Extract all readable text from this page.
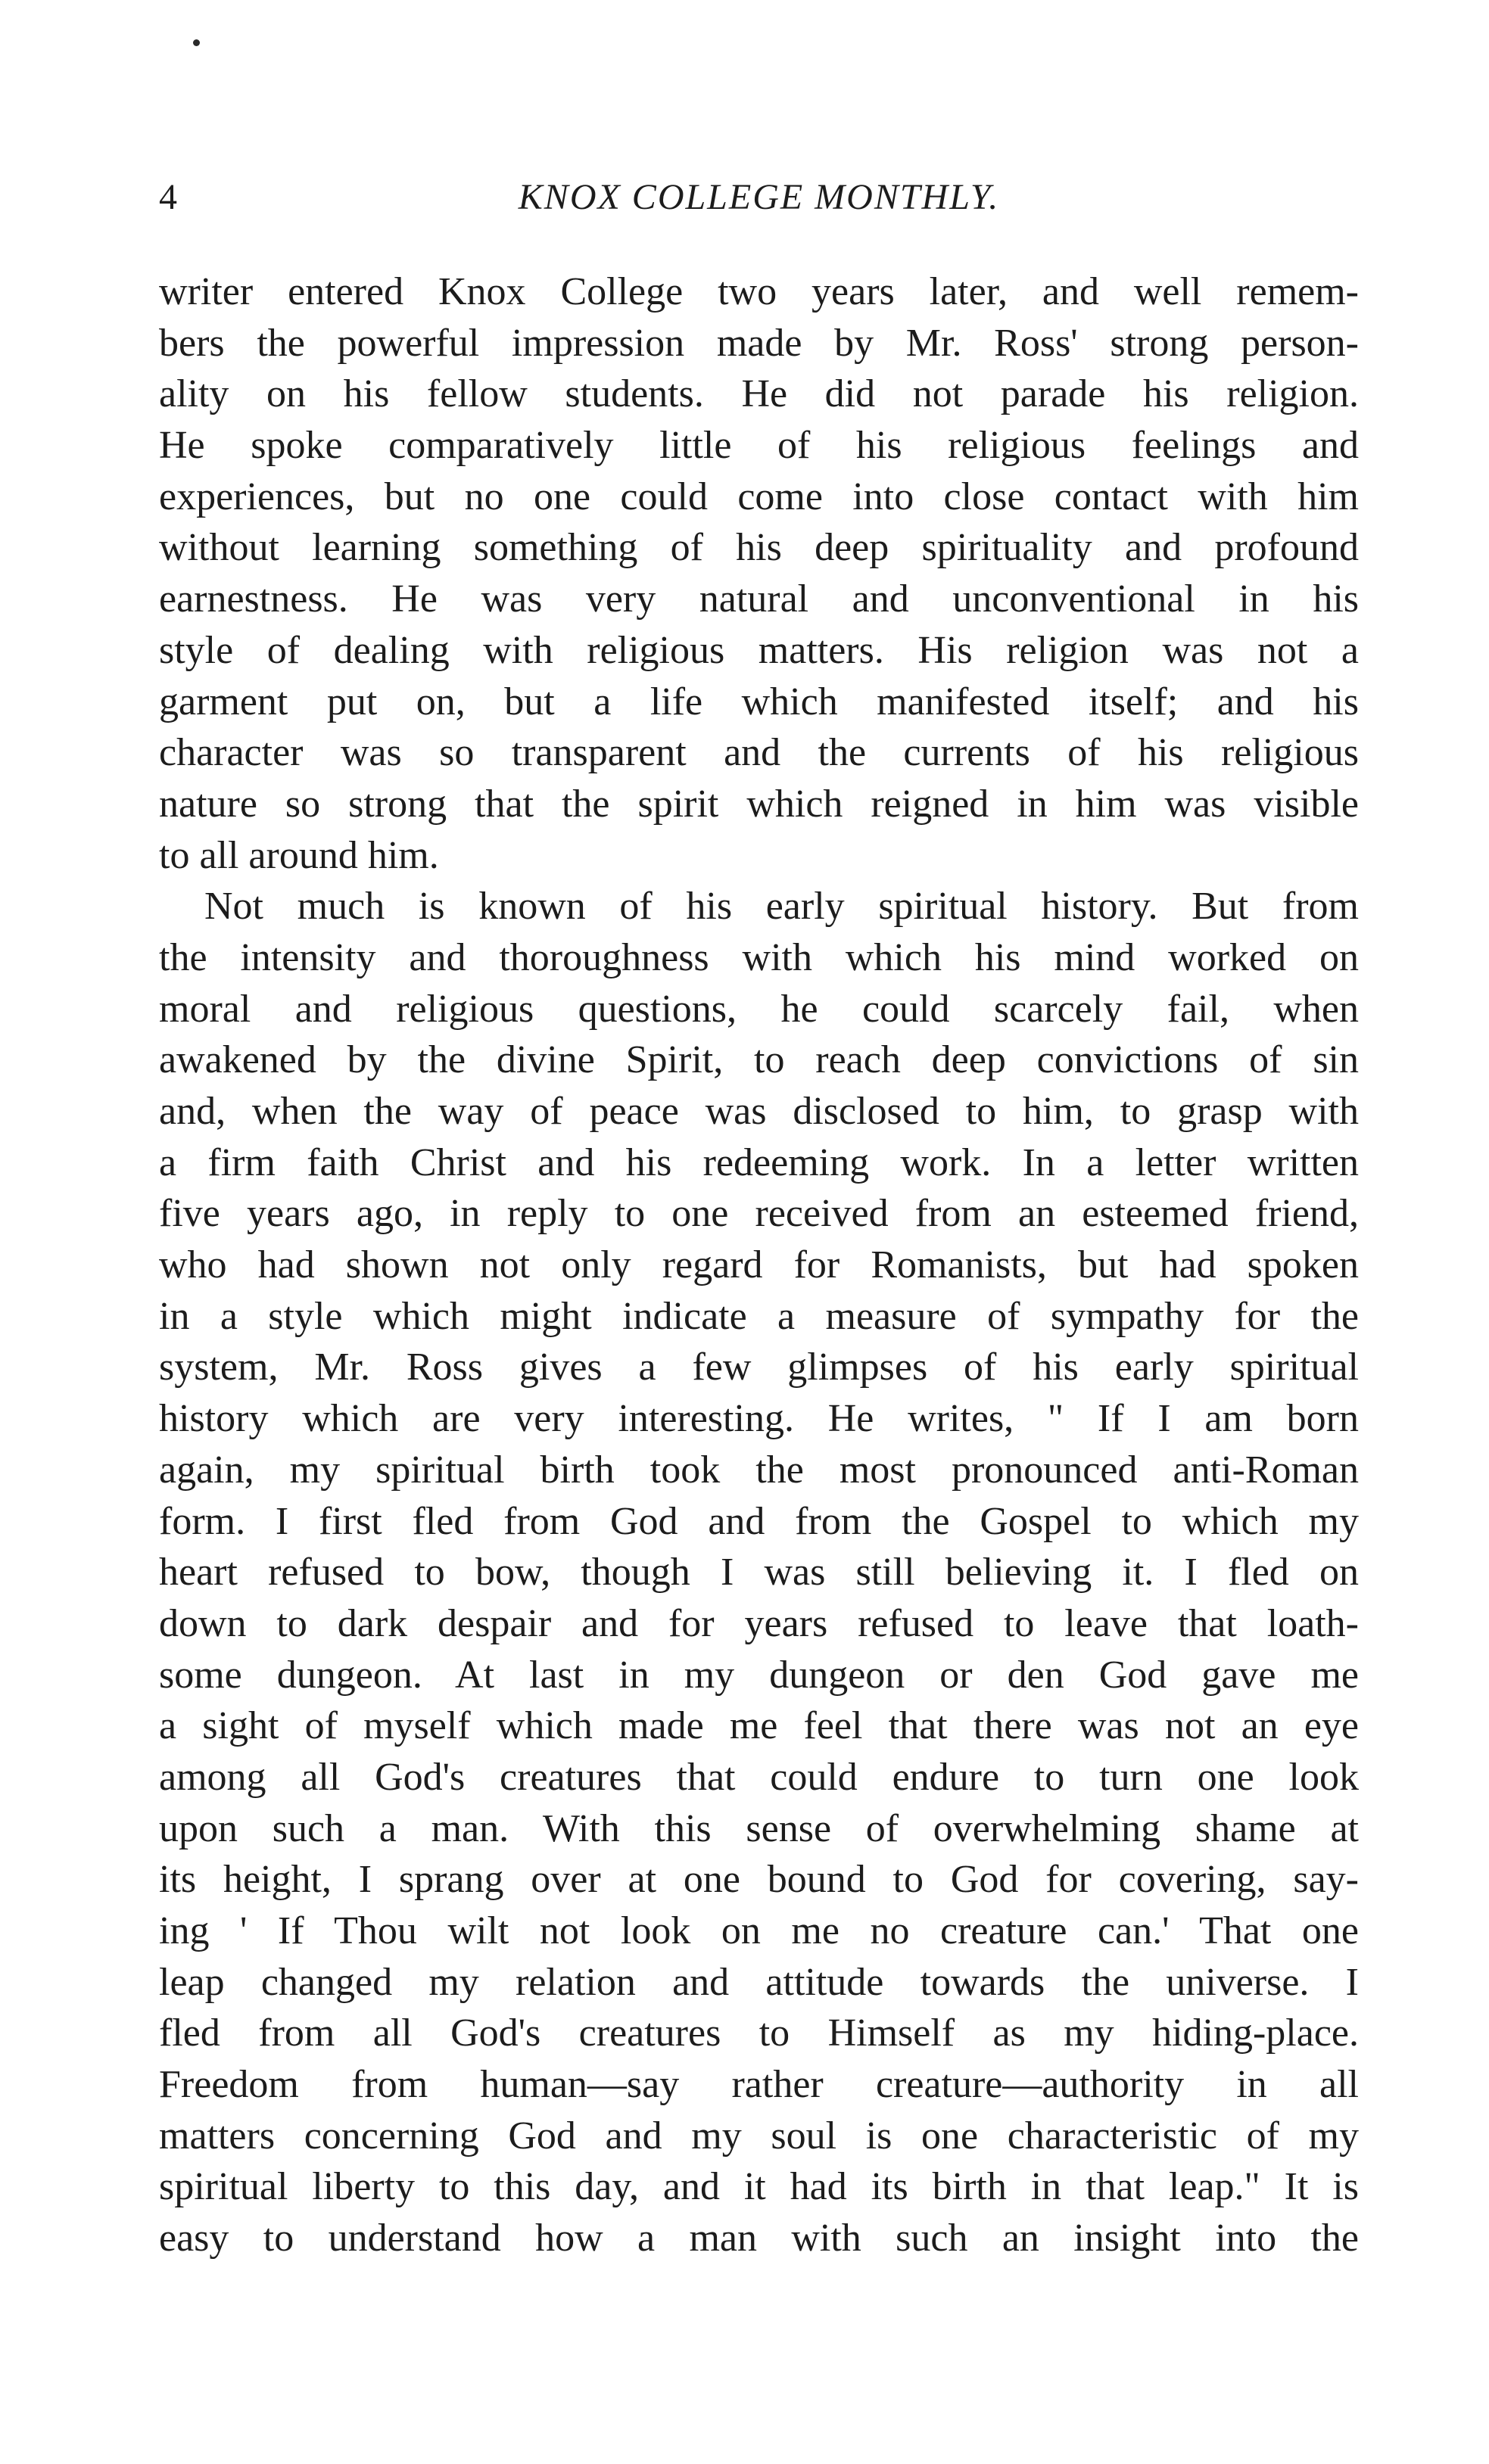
4	KNOX COLLEGE MONTHLY.
writer entered Knox College two years later, and well remem-
bers the powerful impression made by Mr. Ross' strong person-
ality on his fellow students. He did not parade his religion.
He spoke comparatively little of his religious feelings and
experiences, but no one could come into close contact with him
without learning something of his deep spirituality and profound
earnestness. He was very natural and unconventional in his
style of dealing with religious matters. His religion was not a
garment put on, but a life which manifested itself; and his
character was so transparent and the currents of his religious
nature so strong that the spirit which reigned in him was visible
to all around him.
Not much is known of his early spiritual history. But from
the intensity and thoroughness with which his mind worked on
moral and religious questions, he could scarcely fail, when
awakened by the divine Spirit, to reach deep convictions of sin
and, when the way of peace was disclosed to him, to grasp with
a firm faith Christ and his redeeming work. In a letter written
five years ago, in reply to one received from an esteemed friend,
who had shown not only regard for Romanists, but had spoken
in a style which might indicate a measure of sympathy for the
system, Mr. Ross gives a few glimpses of his early spiritual
history which are very interesting. He writes, " If I am born
again, my spiritual birth took the most pronounced anti-Roman
form. I first fled from God and from the Gospel to which my
heart refused to bow, though I was still believing it. I fled on
down to dark despair and for years refused to leave that loath-
some dungeon. At last in my dungeon or den God gave me
a sight of myself which made me feel that there was not an eye
among all God's creatures that could endure to turn one look
upon such a man. With this sense of overwhelming shame at
its height, I sprang over at one bound to God for covering, say-
ing ' If Thou wilt not look on me no creature can.' That one
leap changed my relation and attitude towards the universe. I
fled from all God's creatures to Himself as my hiding-place.
Freedom from human—say rather creature—authority in all
matters concerning God and my soul is one characteristic of my
spiritual liberty to this day, and it had its birth in that leap." It is
easy to understand how a man with such an insight into the
